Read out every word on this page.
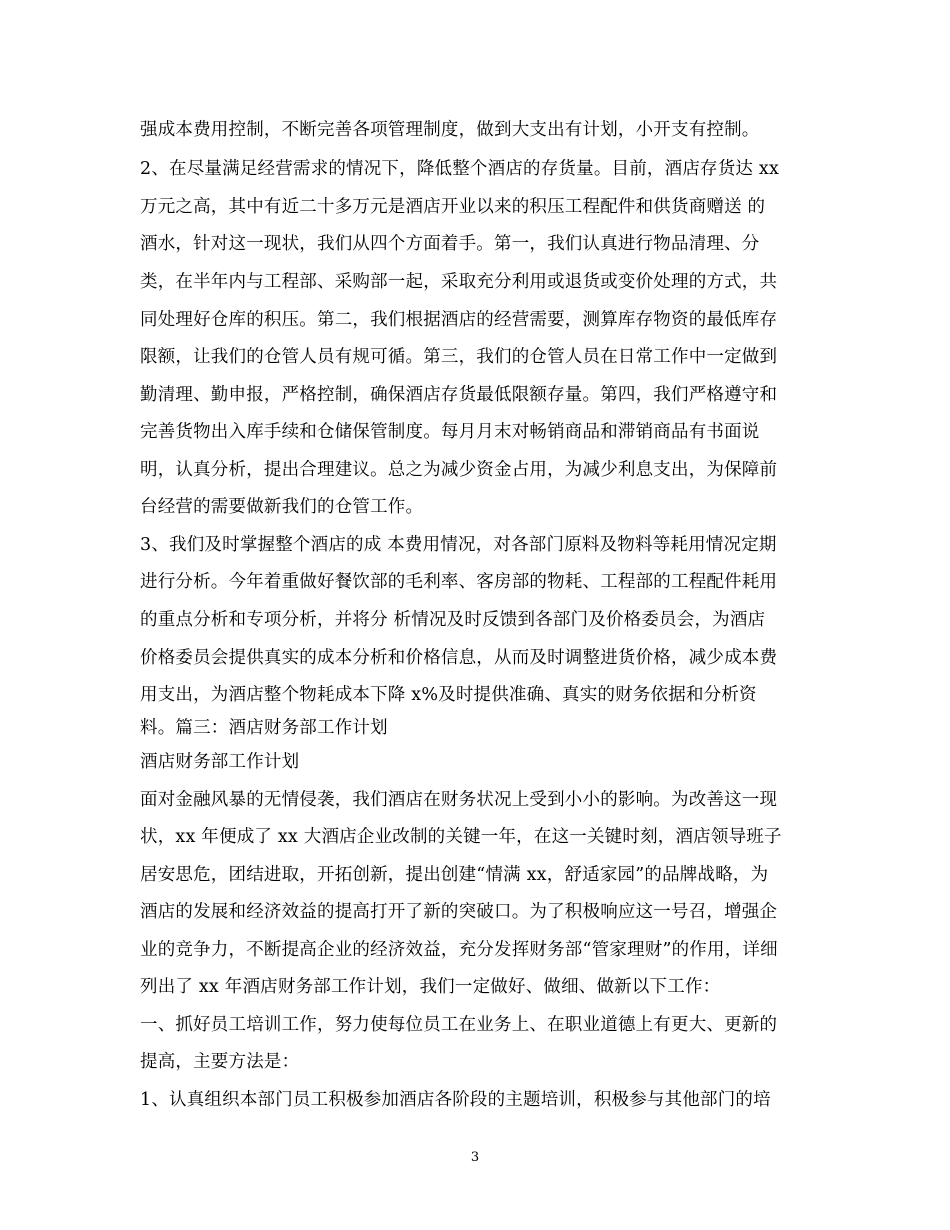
强成本费用控制，不断完善各项管理制度，做到大支出有计划，小开支有控制。
2、在尽量满足经营需求的情况下，降低整个酒店的存货量。目前，酒店存货达 xx
万元之高，其中有近二十多万元是酒店开业以来的积压工程配件和供货商赠送 的
酒水，针对这一现状，我们从四个方面着手。第一，我们认真进行物品清理、分
类，在半年内与工程部、采购部一起，采取充分利用或退货或变价处理的方式，共
同处理好仓库的积压。第二，我们根据酒店的经营需要，测算库存物资的最低库存
限额，让我们的仓管人员有规可循。第三，我们的仓管人员在日常工作中一定做到
勤清理、勤申报，严格控制，确保酒店存货最低限额存量。第四，我们严格遵守和
完善货物出入库手续和仓储保管制度。每月月末对畅销商品和滞销商品有书面说
明，认真分析，提出合理建议。总之为减少资金占用，为减少利息支出，为保障前
台经营的需要做新我们的仓管工作。
3、我们及时掌握整个酒店的成 本费用情况，对各部门原料及物料等耗用情况定期
进行分析。今年着重做好餐饮部的毛利率、客房部的物耗、工程部的工程配件耗用
的重点分析和专项分析，并将分 析情况及时反馈到各部门及价格委员会，为酒店
价格委员会提供真实的成本分析和价格信息，从而及时调整进货价格，减少成本费
用支出，为酒店整个物耗成本下降 x%及时提供准确、真实的财务依据和分析资
料。篇三：酒店财务部工作计划
酒店财务部工作计划
面对金融风暴的无情侵袭，我们酒店在财务状况上受到小小的影响。为改善这一现
状，xx 年便成了 xx 大酒店企业改制的关键一年，在这一关键时刻，酒店领导班子
居安思危，团结进取，开拓创新，提出创建“情满 xx，舒适家园”的品牌战略，为
酒店的发展和经济效益的提高打开了新的突破口。为了积极响应这一号召，增强企
业的竞争力，不断提高企业的经济效益，充分发挥财务部“管家理财”的作用，详细
列出了 xx 年酒店财务部工作计划，我们一定做好、做细、做新以下工作：
一、抓好员工培训工作，努力使每位员工在业务上、在职业道德上有更大、更新的
提高，主要方法是：
1、认真组织本部门员工积极参加酒店各阶段的主题培训，积极参与其他部门的培
3
